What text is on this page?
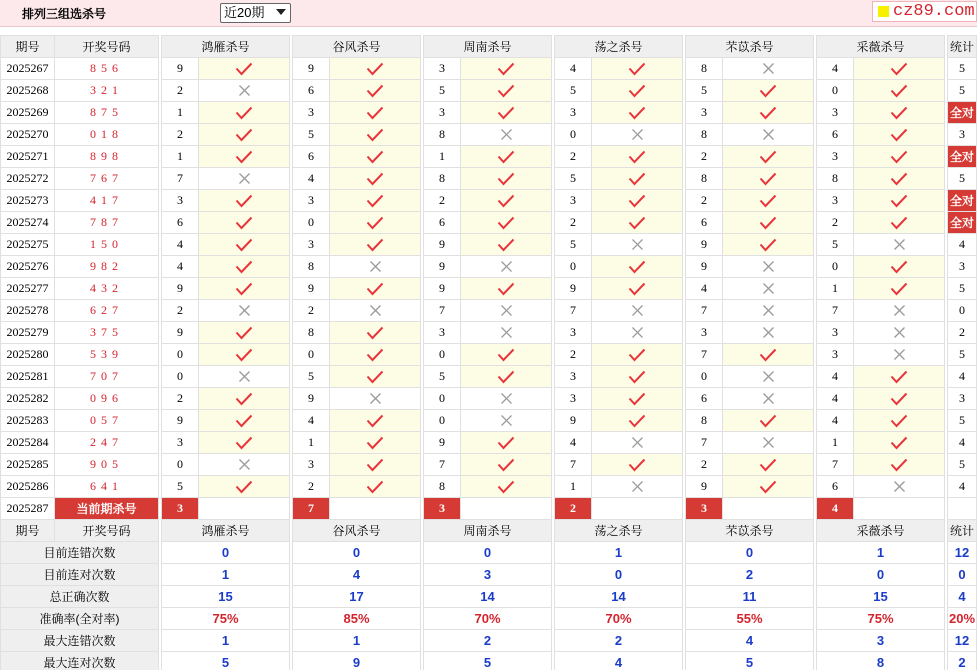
排列三组选杀号	近20期	cz89.com
期号	开奖号码		鸿雁杀号			谷风杀号			周南杀号			荡之杀号			芣苡杀号			采薇杀号			统计
2025267	856		9			9			3			4			8			4			5
2025268	321		2			6			5			5			5			0			5
2025269	875		1			3			3			3			3			3			全对
2025270	018		2			5			8			0			8			6			3
2025271	898		1			6			1			2			2			3			全对
2025272	767		7			4			8			5			8			8			5
2025273	417		3			3			2			3			2			3			全对
2025274	787		6			0			6			2			6			2			全对
2025275	150		4			3			9			5			9			5			4
2025276	982		4			8			9			0			9			0			3
2025277	432		9			9			9			9			4			1			5
2025278	627		2			2			7			7			7			7			0
2025279	375		9			8			3			3			3			3			2
2025280	539		0			0			0			2			7			3			5
2025281	707		0			5			5			3			0			4			4
2025282	096		2			9			0			3			6			4			3
2025283	057		9			4			0			9			8			4			5
2025284	247		3			1			9			4			7			1			4
2025285	905		0			3			7			7			2			7			5
2025286	641		5			2			8			1			9			6			4
2025287	当前期杀号		3			7			3			2			3			4			
期号	开奖号码		鸿雁杀号			谷风杀号			周南杀号			荡之杀号			芣苡杀号			采薇杀号			统计
目前连错次数			0			0			0			1			0			1			12
目前连对次数			1			4			3			0			2			0			0
总正确次数			15			17			14			14			11			15			4
准确率(全对率)			75%			85%			70%			70%			55%			75%			20%
最大连错次数			1			1			2			2			4			3			12
最大连对次数			5			9			5			4			5			8			2
